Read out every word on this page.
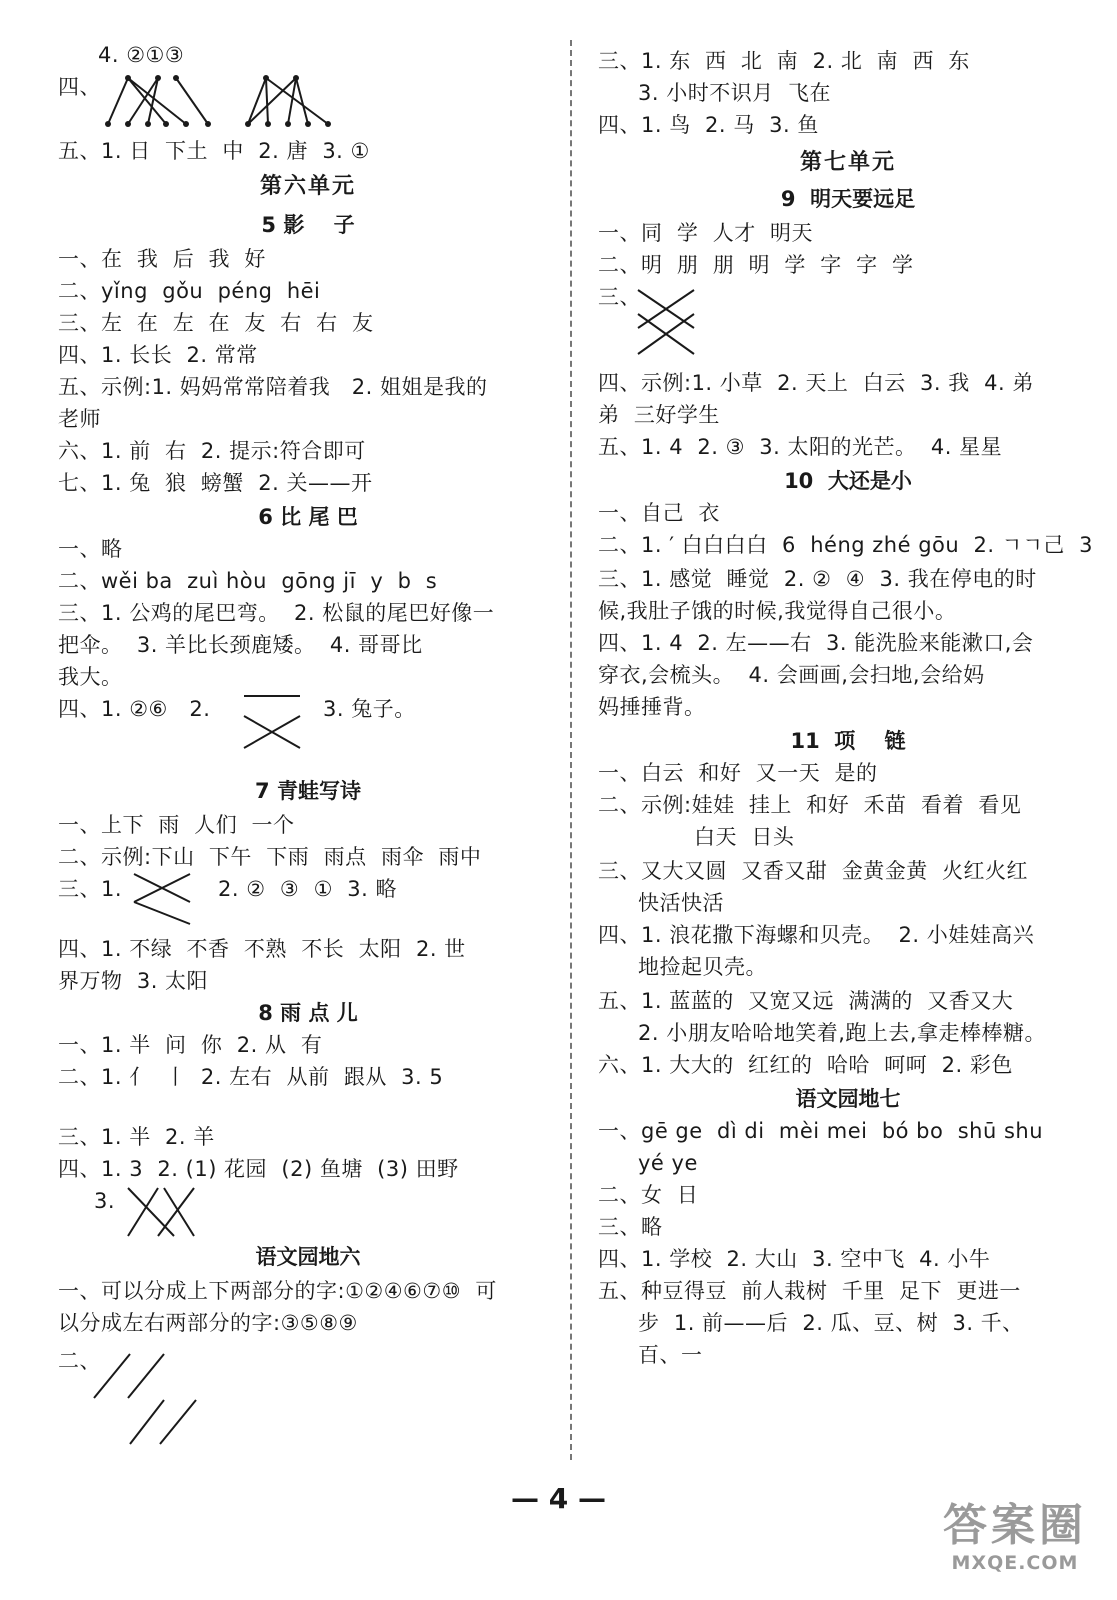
4. ②①③
四、
五、1. 日  下土  中  2. 唐  3. ①
第六单元
5 影    子
一、在  我  后  我  好
二、yǐng  gǒu  péng  hēi
三、左  在  左  在  友  右  右  友
四、1. 长长  2. 常常
五、示例:1. 妈妈常常陪着我   2. 姐姐是我的
老师
六、1. 前  右  2. 提示:符合即可
七、1. 兔  狼  螃蟹  2. 关——开
6 比 尾 巴
一、略
二、wěi ba  zuì hòu  gōng jī  y  b  s
三、1. 公鸡的尾巴弯。  2. 松鼠的尾巴好像一
把伞。  3. 羊比长颈鹿矮。  4. 哥哥比
我大。
四、1. ②⑥   2.	3. 兔子。
7 青蛙写诗
一、上下  雨  人们  一个
二、示例:下山  下午  下雨  雨点  雨伞  雨中
三、1.	2. ②  ③  ①  3. 略
四、1. 不绿  不香  不熟  不长  太阳  2. 世
界万物  3. 太阳
8 雨 点 儿
一、1. 半  问  你  2. 从  有
二、1. 亻  丨  2. 左右  从前  跟从  3. 5
三、1. 半  2. 羊
四、1. 3  2. (1) 花园  (2) 鱼塘  (3) 田野
3.
语文园地六
一、可以分成上下两部分的字:①②④⑥⑦⑩  可
以分成左右两部分的字:③⑤⑧⑨
二、
三、1. 东  西  北  南  2. 北  南  西  东
3. 小时不识月  飞在
四、1. 鸟  2. 马  3. 鱼
第七单元
9  明天要远足
一、同  学  人才  明天
二、明  朋  朋  明  学  字  字  学
三、
四、示例:1. 小草  2. 天上  白云  3. 我  4. 弟
弟  三好学生
五、1. 4  2. ③  3. 太阳的光芒。  4. 星星
10  大还是小
一、自己  衣
二、1. ′ 白白白白  6  héng zhé gōu  2. ㄱㄱ己  3
三、1. 感觉  睡觉  2. ②  ④  3. 我在停电的时
候,我肚子饿的时候,我觉得自己很小。
四、1. 4  2. 左——右  3. 能洗脸来能漱口,会
穿衣,会梳头。  4. 会画画,会扫地,会给妈
妈捶捶背。
11  项    链
一、白云  和好  又一天  是的
二、示例:娃娃  挂上  和好  禾苗  看着  看见
白天  日头
三、又大又圆  又香又甜  金黄金黄  火红火红
快活快活
四、1. 浪花撒下海螺和贝壳。  2. 小娃娃高兴
地捡起贝壳。
五、1. 蓝蓝的  又宽又远  满满的  又香又大
2. 小朋友哈哈地笑着,跑上去,拿走棒棒糖。
六、1. 大大的  红红的  哈哈  呵呵  2. 彩色
语文园地七
一、gē ge  dì di  mèi mei  bó bo  shū shu
yé ye
二、女  日
三、略
四、1. 学校  2. 大山  3. 空中飞  4. 小牛
五、种豆得豆  前人栽树  千里  足下  更进一
步  1. 前——后  2. 瓜、豆、树  3. 千、
百、一
— 4 —
答案圈
MXQE.COM
